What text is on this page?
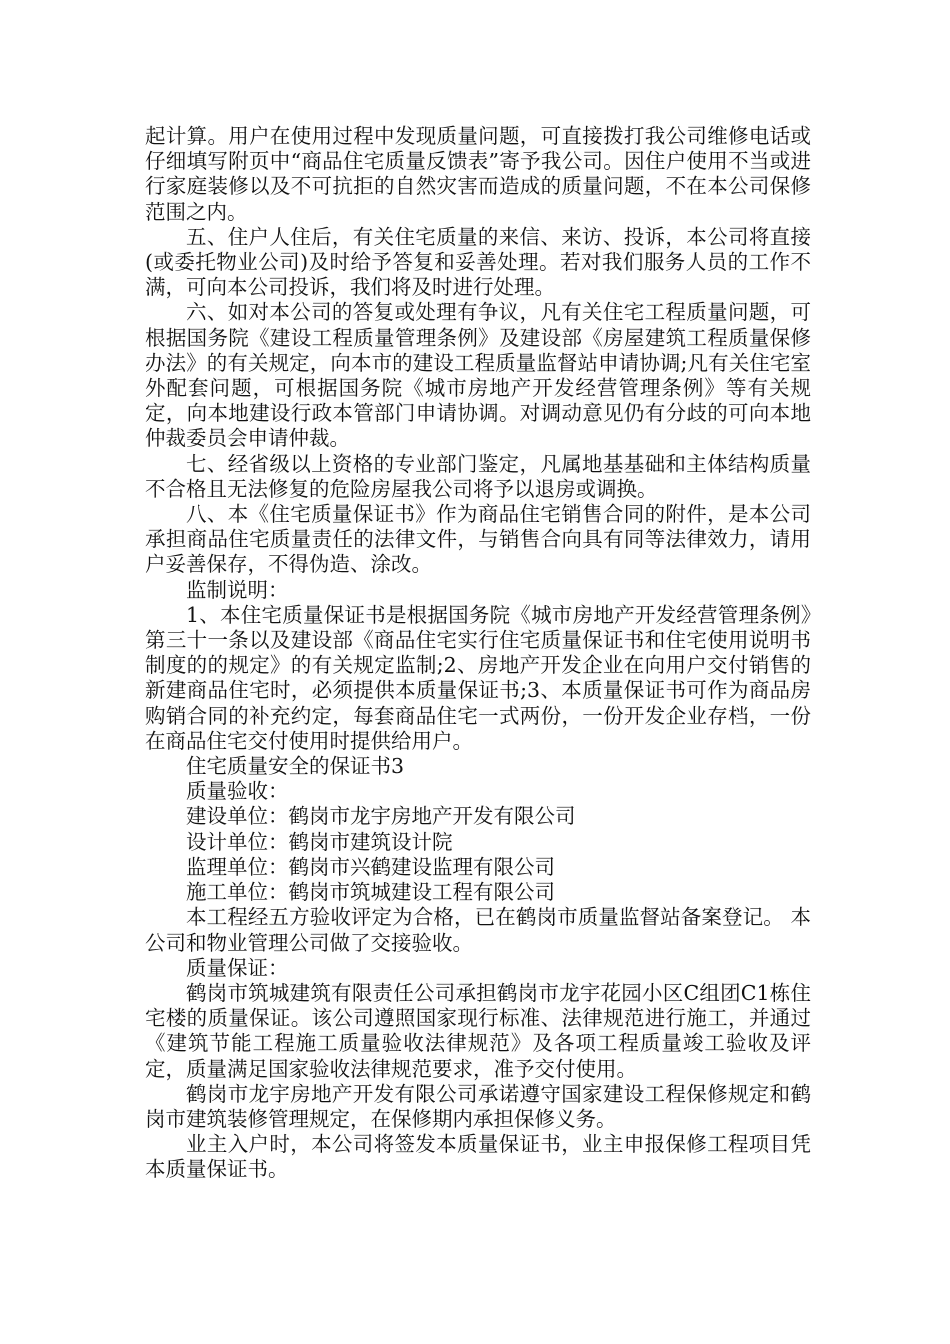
起计算。用户在使用过程中发现质量问题，可直接拨打我公司维修电话或仔细填写附页中“商品住宅质量反馈表”寄予我公司。因住户使用不当或进行家庭装修以及不可抗拒的自然灾害而造成的质量问题，不在本公司保修范围之内。

五、住户人住后，有关住宅质量的来信、来访、投诉，本公司将直接(或委托物业公司)及时给予答复和妥善处理。若对我们服务人员的工作不满，可向本公司投诉，我们将及时进行处理。

六、如对本公司的答复或处理有争议，凡有关住宅工程质量问题，可根据国务院《建设工程质量管理条例》及建设部《房屋建筑工程质量保修办法》的有关规定，向本市的建设工程质量监督站申请协调;凡有关住宅室外配套问题，可根据国务院《城市房地产开发经营管理条例》等有关规定，向本地建设行政本管部门申请协调。对调动意见仍有分歧的可向本地仲裁委员会申请仲裁。

七、经省级以上资格的专业部门鉴定，凡属地基基础和主体结构质量不合格且无法修复的危险房屋我公司将予以退房或调换。

八、本《住宅质量保证书》作为商品住宅销售合同的附件，是本公司承担商品住宅质量责任的法律文件，与销售合向具有同等法律效力，请用户妥善保存，不得伪造、涂改。

监制说明：

1、本住宅质量保证书是根据国务院《城市房地产开发经营管理条例》第三十一条以及建设部《商品住宅实行住宅质量保证书和住宅使用说明书制度的的规定》的有关规定监制;2、房地产开发企业在向用户交付销售的新建商品住宅时，必须提供本质量保证书;3、本质量保证书可作为商品房购销合同的补充约定，每套商品住宅一式两份，一份开发企业存档，一份在商品住宅交付使用时提供给用户。

住宅质量安全的保证书3

质量验收：

建设单位：鹤岗市龙宇房地产开发有限公司

设计单位：鹤岗市建筑设计院

监理单位：鹤岗市兴鹤建设监理有限公司

施工单位：鹤岗市筑城建设工程有限公司

本工程经五方验收评定为合格，已在鹤岗市质量监督站备案登记。 本公司和物业管理公司做了交接验收。

质量保证：

鹤岗市筑城建筑有限责任公司承担鹤岗市龙宇花园小区C组团C1栋住宅楼的质量保证。该公司遵照国家现行标准、法律规范进行施工，并通过《建筑节能工程施工质量验收法律规范》及各项工程质量竣工验收及评定，质量满足国家验收法律规范要求，准予交付使用。

鹤岗市龙宇房地产开发有限公司承诺遵守国家建设工程保修规定和鹤岗市建筑装修管理规定，在保修期内承担保修义务。

业主入户时，本公司将签发本质量保证书，业主申报保修工程项目凭本质量保证书。
